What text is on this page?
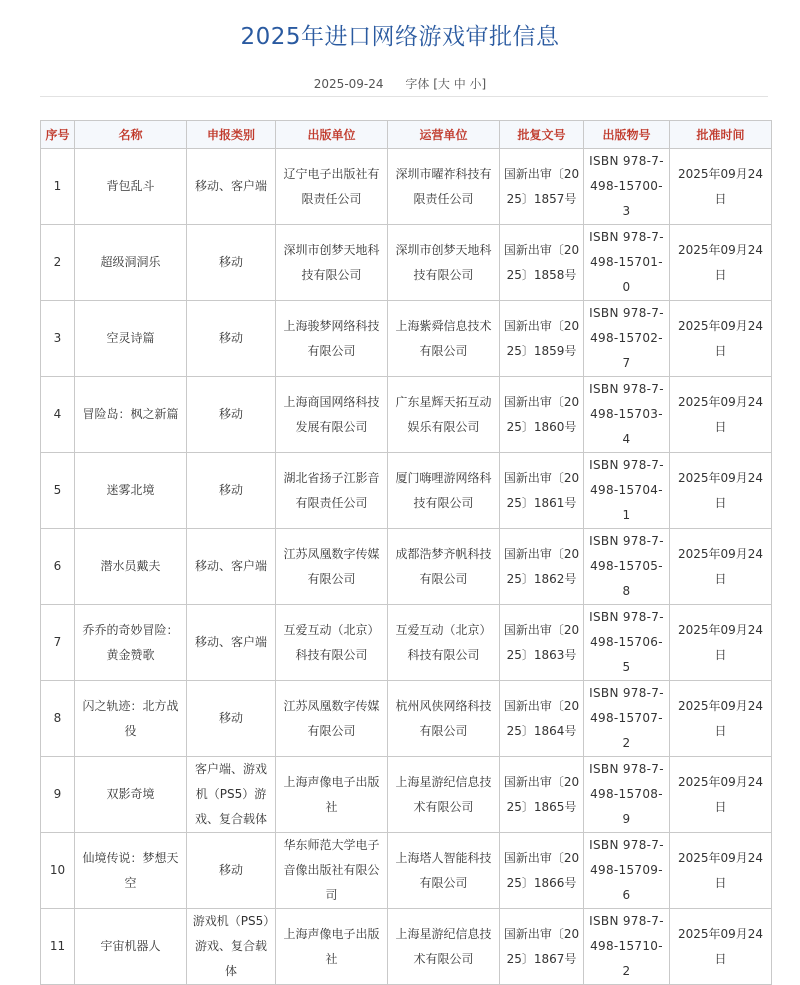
2025年进口网络游戏审批信息
2025-09-24 字体 [大 中 小]
序号	名称	申报类别	出版单位	运营单位	批复文号	出版物号	批准时间
1	背包乱斗	移动、客户端	辽宁电子出版社有限责任公司	深圳市曜祚科技有限责任公司	国新出审〔2025〕1857号	ISBN 978-7-498-15700-3	2025年09月24日
2	超级洞洞乐	移动	深圳市创梦天地科技有限公司	深圳市创梦天地科技有限公司	国新出审〔2025〕1858号	ISBN 978-7-498-15701-0	2025年09月24日
3	空灵诗篇	移动	上海骏梦网络科技有限公司	上海紫舜信息技术有限公司	国新出审〔2025〕1859号	ISBN 978-7-498-15702-7	2025年09月24日
4	冒险岛：枫之新篇	移动	上海商国网络科技发展有限公司	广东星辉天拓互动娱乐有限公司	国新出审〔2025〕1860号	ISBN 978-7-498-15703-4	2025年09月24日
5	迷雾北境	移动	湖北省扬子江影音有限责任公司	厦门嗨哩游网络科技有限公司	国新出审〔2025〕1861号	ISBN 978-7-498-15704-1	2025年09月24日
6	潜水员戴夫	移动、客户端	江苏凤凰数字传媒有限公司	成都浩梦齐帆科技有限公司	国新出审〔2025〕1862号	ISBN 978-7-498-15705-8	2025年09月24日
7	乔乔的奇妙冒险：黄金赞歌	移动、客户端	互爱互动（北京）科技有限公司	互爱互动（北京）科技有限公司	国新出审〔2025〕1863号	ISBN 978-7-498-15706-5	2025年09月24日
8	闪之轨迹：北方战役	移动	江苏凤凰数字传媒有限公司	杭州风侠网络科技有限公司	国新出审〔2025〕1864号	ISBN 978-7-498-15707-2	2025年09月24日
9	双影奇境	客户端、游戏机（PS5）游戏、复合载体	上海声像电子出版社	上海星游纪信息技术有限公司	国新出审〔2025〕1865号	ISBN 978-7-498-15708-9	2025年09月24日
10	仙境传说：梦想天空	移动	华东师范大学电子音像出版社有限公司	上海塔人智能科技有限公司	国新出审〔2025〕1866号	ISBN 978-7-498-15709-6	2025年09月24日
11	宇宙机器人	游戏机（PS5）游戏、复合载体	上海声像电子出版社	上海星游纪信息技术有限公司	国新出审〔2025〕1867号	ISBN 978-7-498-15710-2	2025年09月24日
